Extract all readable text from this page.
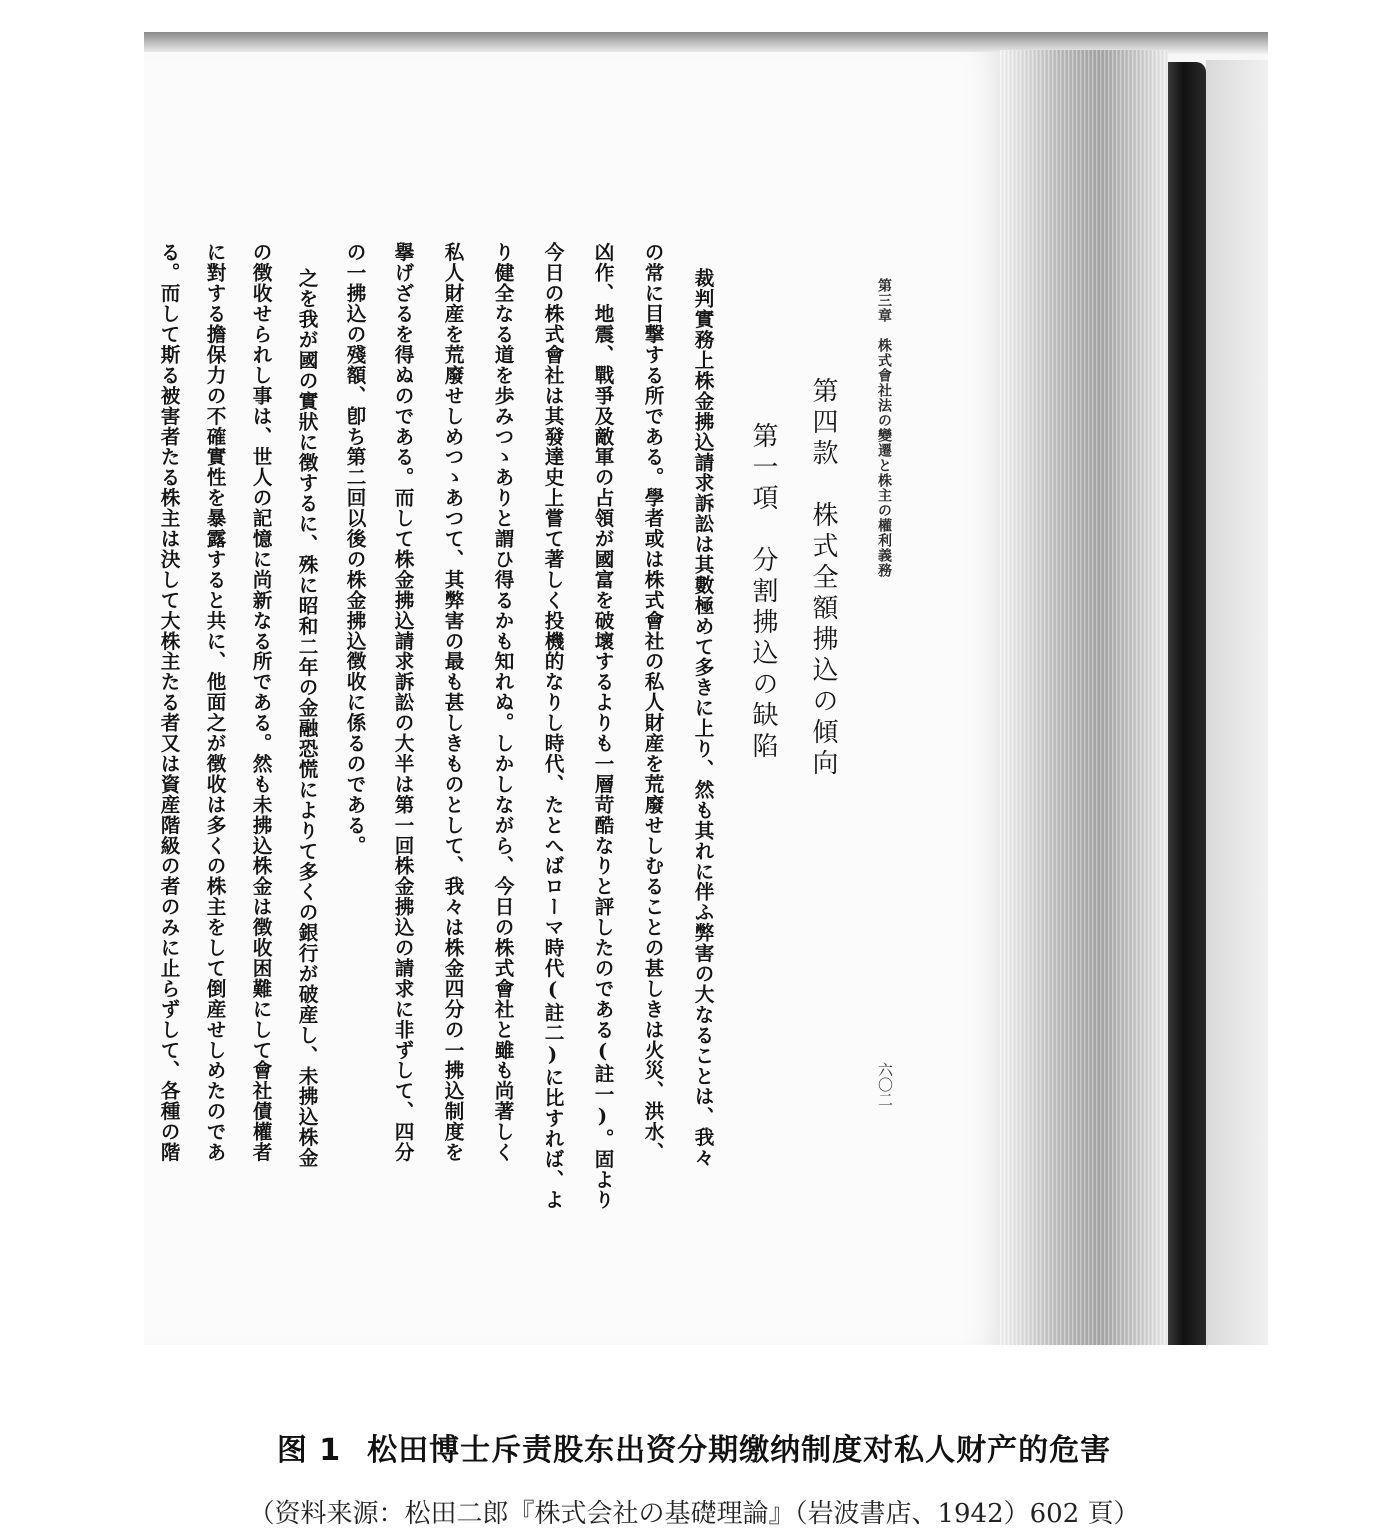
第三章　株式會社法の變遷と株主の權利義務
六〇二
第四款　株式全額拂込の傾向
第一項　分割拂込の缺陷
裁判實務上株金拂込請求訴訟は其數極めて多きに上り、然も其れに伴ふ弊害の大なることは、我々
の常に目撃する所である。學者或は株式會社の私人財産を荒廢せしむることの甚しきは火災、洪水、
凶作、地震、戰爭及敵軍の占領が國富を破壞するよりも一層苛酷なりと評したのである(註一)。固より
今日の株式會社は其發達史上嘗て著しく投機的なりし時代、たとへばローマ時代(註二)に比すれば、よ
り健全なる道を歩みつゝありと謂ひ得るかも知れぬ。しかしながら、今日の株式會社と雖も尚著しく
私人財産を荒廢せしめつゝあつて、其弊害の最も甚しきものとして、我々は株金四分の一拂込制度を
擧げざるを得ぬのである。而して株金拂込請求訴訟の大半は第一回株金拂込の請求に非ずして、四分
の一拂込の殘額、卽ち第二回以後の株金拂込徴收に係るのである。
之を我が國の實狀に徴するに、殊に昭和二年の金融恐慌によりて多くの銀行が破産し、未拂込株金
の徴收せられし事は、世人の記憶に尚新なる所である。然も未拂込株金は徴收困難にして會社債權者
に對する擔保力の不確實性を暴露すると共に、他面之が徴收は多くの株主をして倒産せしめたのであ
る。而して斯る被害者たる株主は決して大株主たる者又は資産階級の者のみに止らずして、各種の階
图 1 松田博士斥责股东出资分期缴纳制度对私人财产的危害
（资料来源：松田二郎『株式会社の基礎理論』（岩波書店、1942）602 頁）
